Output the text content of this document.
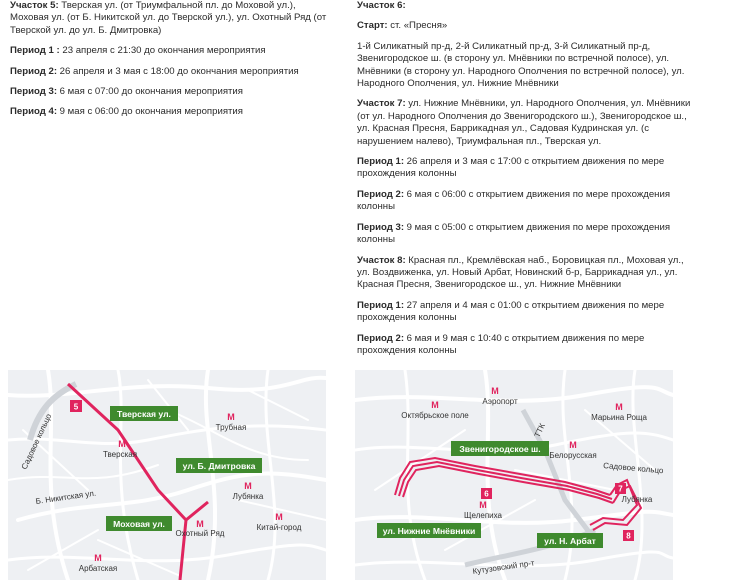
Участок 5: Тверская ул. (от Триумфальной пл. до Моховой ул.), Моховая ул. (от Б. Никитской ул. до Тверской ул.), ул. Охотный Ряд (от Тверской ул. до ул. Б. Дмитровка)

Период 1 : 23 апреля с 21:30 до окончания мероприятия

Период 2: 26 апреля и 3 мая с 18:00 до окончания мероприятия

Период 3: 6 мая с 07:00 до окончания мероприятия

Период 4: 9 мая с 06:00 до окончания мероприятия

Участок 6:

Старт: ст. «Пресня»

1-й Силикатный пр-д, 2-й Силикатный пр-д, 3-й Силикатный пр-д, Звенигородское ш. (в сторону ул. Мнёвники по встречной полосе), ул. Мнёвники (в сторону ул. Народного Ополчения по встречной полосе), ул. Народного Ополчения, ул. Нижние Мнёвники

Участок 7: ул. Нижние Мнёвники, ул. Народного Ополчения, ул. Мнёвники (от ул. Народного Ополчения до Звенигородского ш.), Звенигородское ш., ул. Красная Пресня, Баррикадная ул., Садовая Кудринская ул. (с нарушением налево), Триумфальная пл., Тверская ул.

Период 1: 26 апреля и 3 мая с 17:00 с открытием движения по мере прохождения колонны

Период 2: 6 мая с 06:00 с открытием движения по мере прохождения колонны

Период 3: 9 мая с 05:00 с открытием движения по мере прохождения колонны

Участок 8: Красная пл., Кремлёвская наб., Боровицкая пл., Моховая ул., ул. Воздвиженка, ул. Новый Арбат, Новинский б-р, Баррикадная ул., ул. Красная Пресня, Звенигородское ш., ул. Нижние Мнёвники

Период 1: 27 апреля и 4 мая с 01:00 с открытием движения по мере прохождения колонны

Период 2: 6 мая и 9 мая с 10:40 с открытием движения по мере прохождения колонны

5
Тверская ул.
ул. Б. Дмитровка
Моховая ул.
Садовое кольцо
Б. Никитская ул.
М
Тверская
М
Трубная
М
Лубянка
М
Китай-город
М
Охотный Ряд
М
Арбатская
Звенигородское ш.
ул. Нижние Мнёвники
ул. Н. Арбат
6
7
8
М
Октябрьское поле
М
Аэропорт
ТТК
М
Марьина Роща
М
Белорусская
Садовое кольцо
Лубянка
М
Щелепиха
Кутузовский пр-т
